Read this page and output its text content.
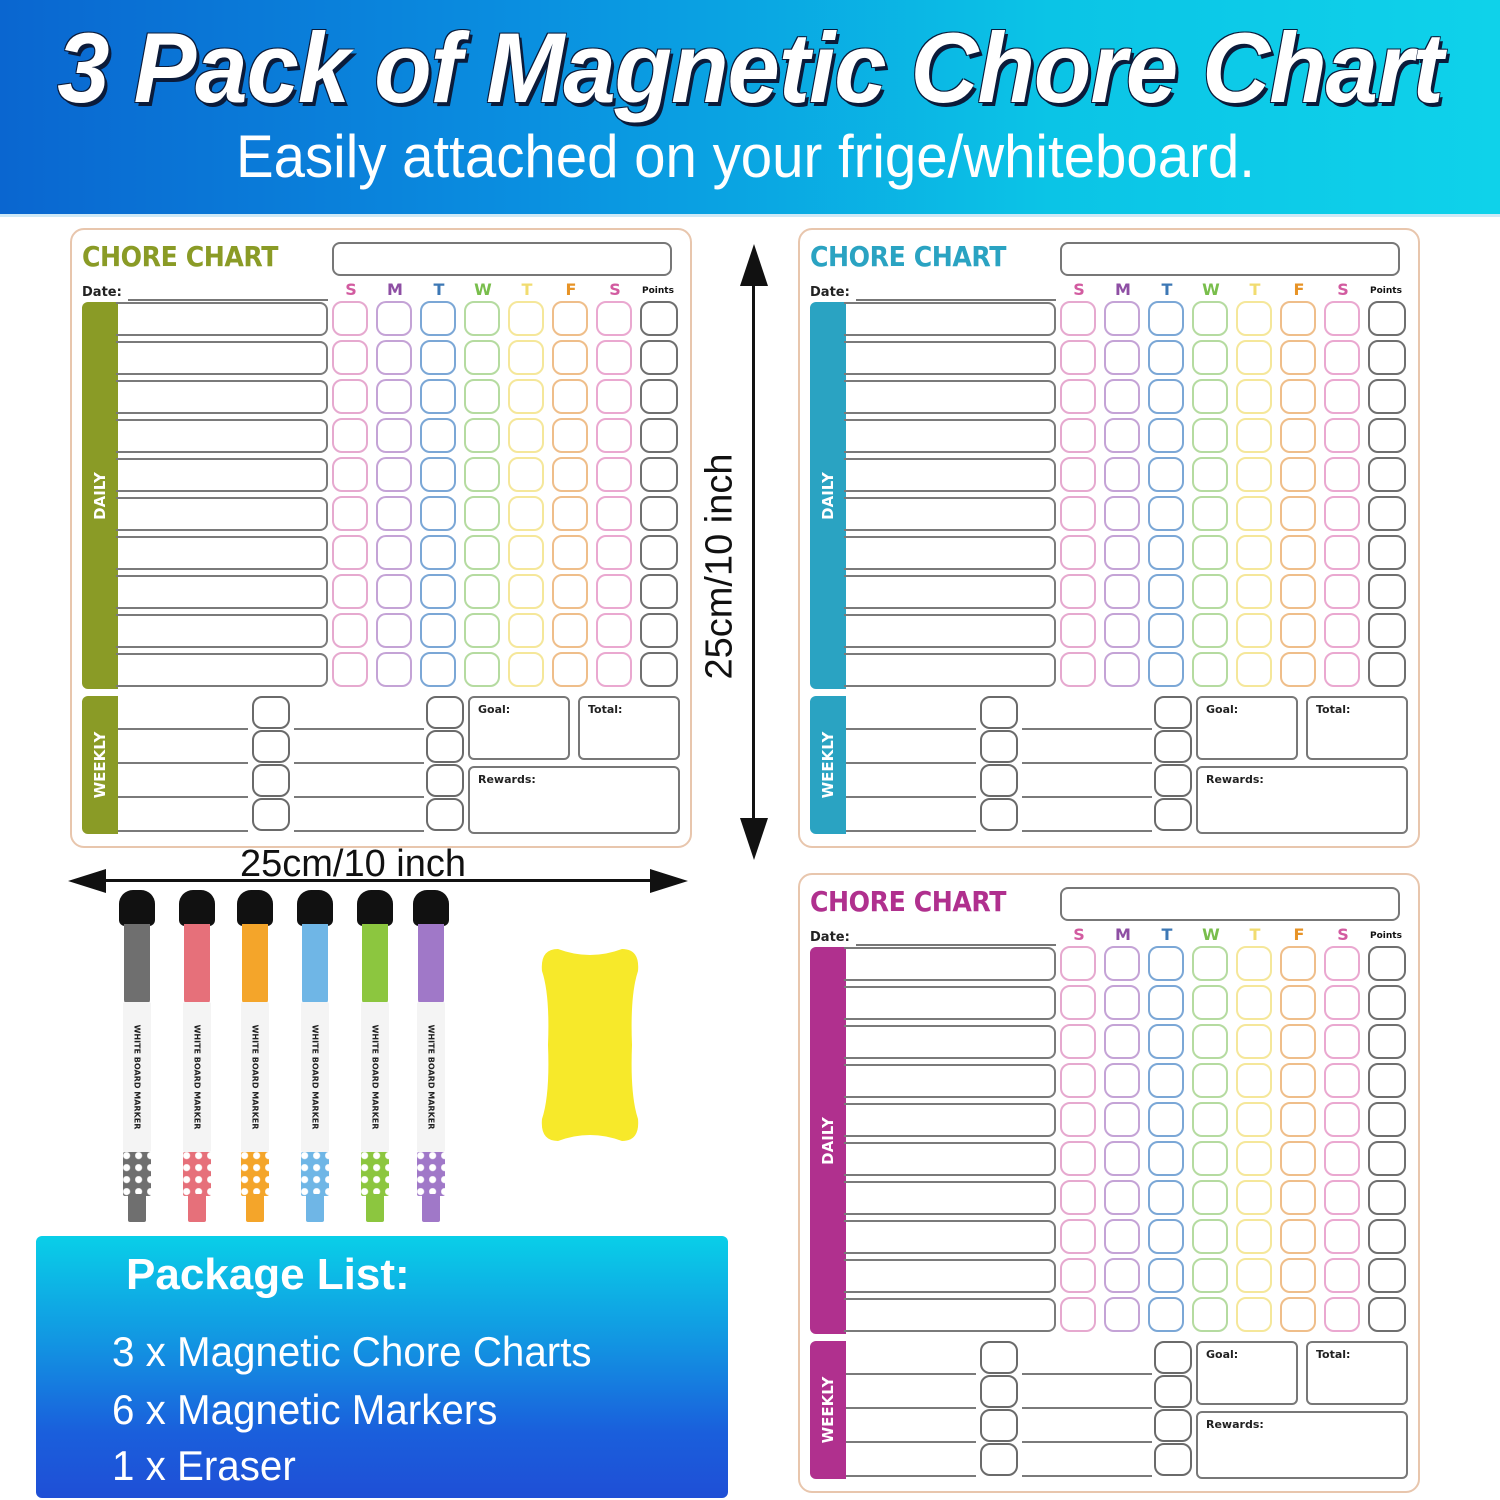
3 Pack of Magnetic Chore Chart
Easily attached on your frige/whiteboard.
CHORE CHART
Date:	S	M	T	W	T	F	S	Points
DAILY
WEEKLY
Goal:	Total:
Rewards:
CHORE CHART
Date:	S	M	T	W	T	F	S	Points
DAILY
WEEKLY
Goal:	Total:
Rewards:
CHORE CHART
Date:	S	M	T	W	T	F	S	Points
DAILY
WEEKLY
Goal:	Total:
Rewards:
25cm/10 inch
25cm/10 inch
WHITE BOARD MARKER	WHITE BOARD MARKER	WHITE BOARD MARKER	WHITE BOARD MARKER	WHITE BOARD MARKER	WHITE BOARD MARKER
Package List:
3 x Magnetic Chore Charts
6 x Magnetic Markers
1 x Eraser
